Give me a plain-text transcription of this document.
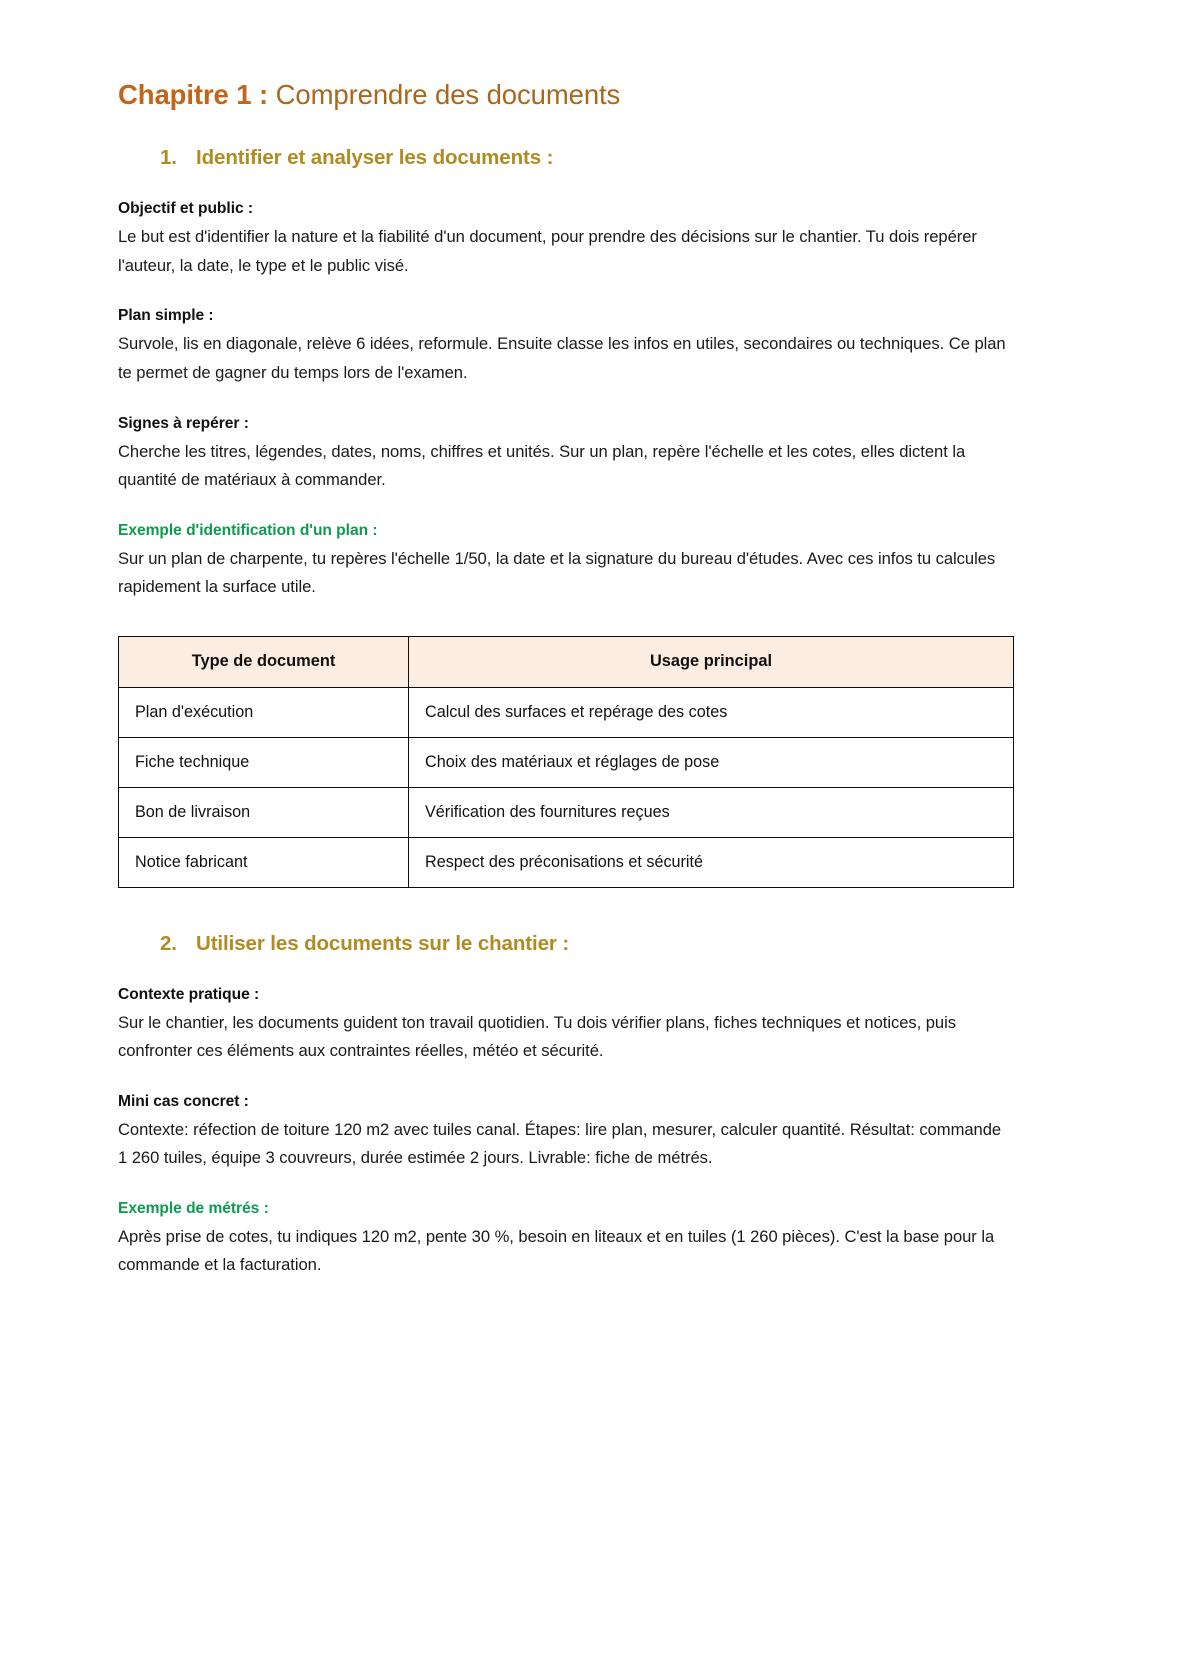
Chapitre 1 : Comprendre des documents
1. Identifier et analyser les documents :

Objectif et public :

Le but est d'identifier la nature et la fiabilité d'un document, pour prendre des décisions sur le chantier. Tu dois repérer l'auteur, la date, le type et le public visé.

Plan simple :

Survole, lis en diagonale, relève 6 idées, reformule. Ensuite classe les infos en utiles, secondaires ou techniques. Ce plan te permet de gagner du temps lors de l'examen.

Signes à repérer :

Cherche les titres, légendes, dates, noms, chiffres et unités. Sur un plan, repère l'échelle et les cotes, elles dictent la quantité de matériaux à commander.

Exemple d'identification d'un plan :

Sur un plan de charpente, tu repères l'échelle 1/50, la date et la signature du bureau d'études. Avec ces infos tu calcules rapidement la surface utile.

Type de document	Usage principal
Plan d'exécution	Calcul des surfaces et repérage des cotes
Fiche technique	Choix des matériaux et réglages de pose
Bon de livraison	Vérification des fournitures reçues
Notice fabricant	Respect des préconisations et sécurité
2. Utiliser les documents sur le chantier :

Contexte pratique :

Sur le chantier, les documents guident ton travail quotidien. Tu dois vérifier plans, fiches techniques et notices, puis confronter ces éléments aux contraintes réelles, météo et sécurité.

Mini cas concret :

Contexte: réfection de toiture 120 m2 avec tuiles canal. Étapes: lire plan, mesurer, calculer quantité. Résultat: commande 1 260 tuiles, équipe 3 couvreurs, durée estimée 2 jours. Livrable: fiche de métrés.

Exemple de métrés :

Après prise de cotes, tu indiques 120 m2, pente 30 %, besoin en liteaux et en tuiles (1 260 pièces). C'est la base pour la commande et la facturation.
